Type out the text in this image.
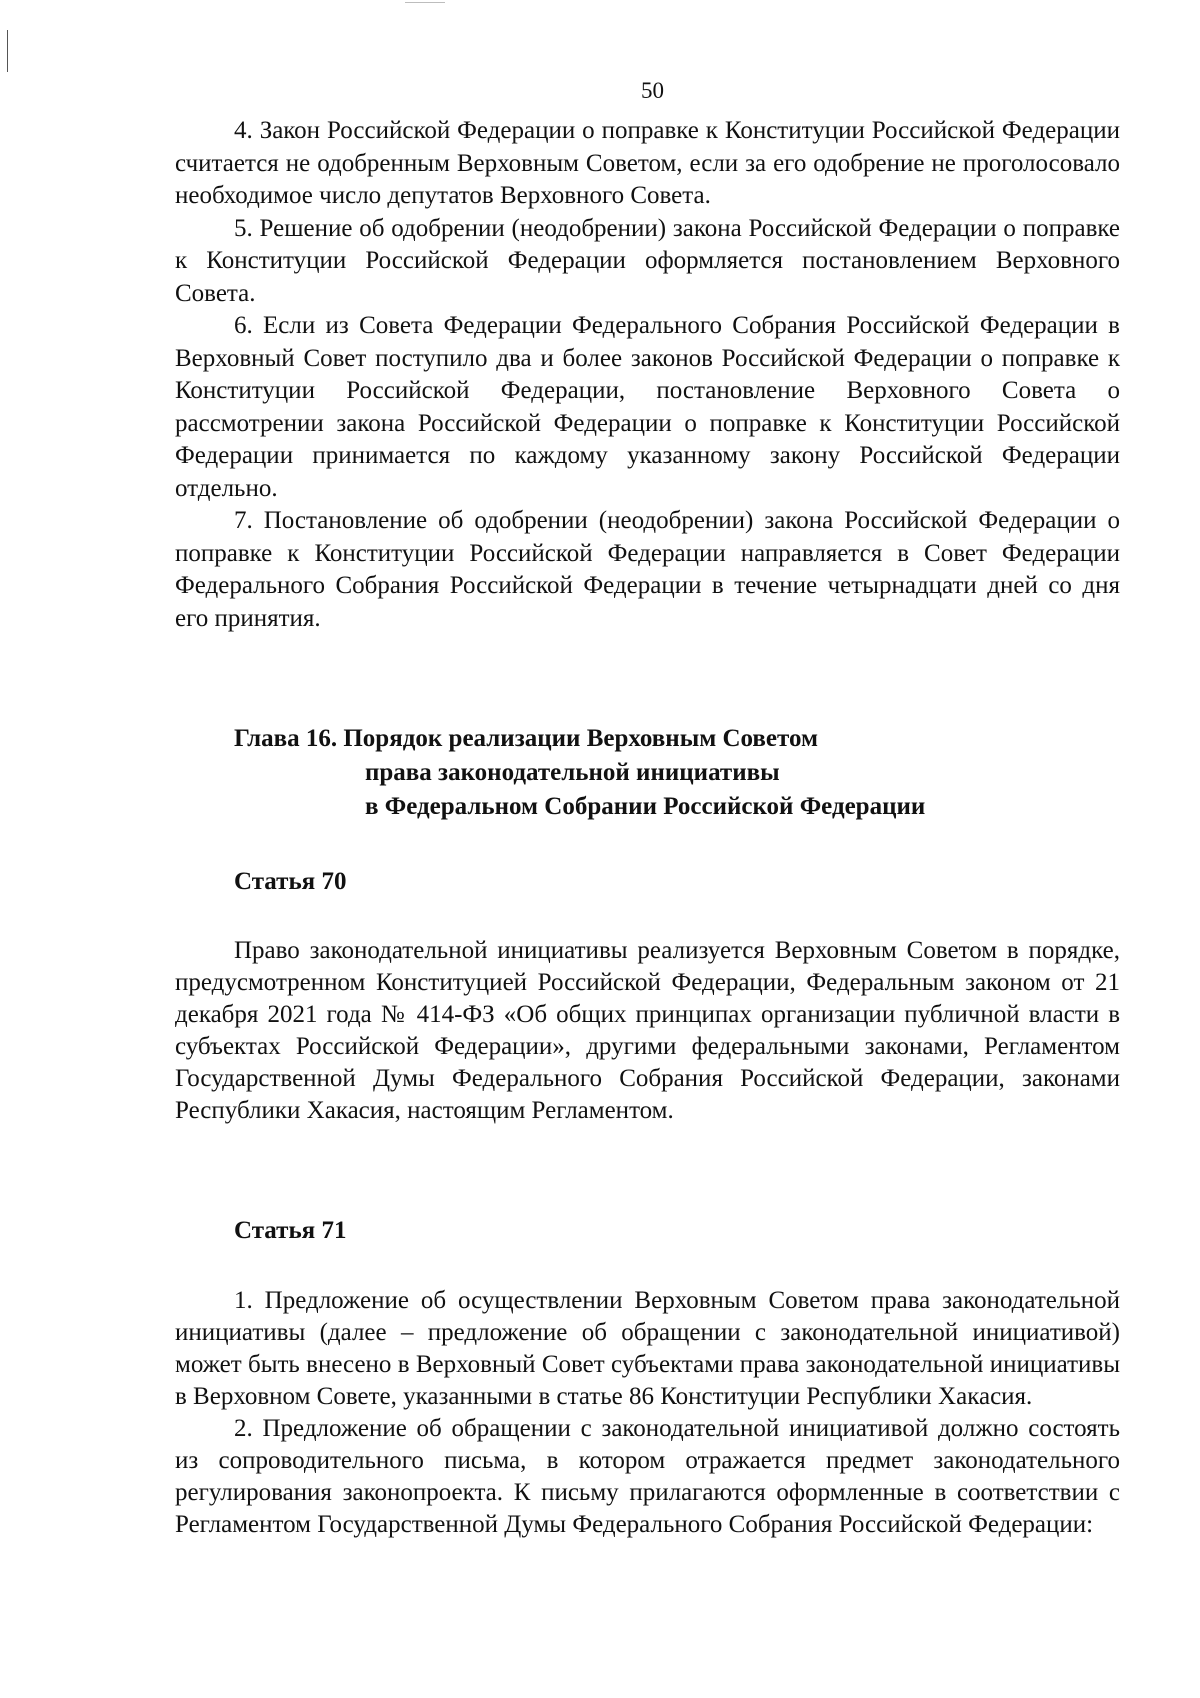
50

4. Закон Российской Федерации о поправке к Конституции Российской Федерации считается не одобренным Верховным Советом, если за его одобрение не проголосовало необходимое число депутатов Верховного Совета.

5. Решение об одобрении (неодобрении) закона Российской Федерации о поправке к Конституции Российской Федерации оформляется постановлением Верховного Совета.

6. Если из Совета Федерации Федерального Собрания Российской Федерации в Верховный Совет поступило два и более законов Российской Федерации о поправке к Конституции Российской Федерации, постановление Верховного Совета о рассмотрении закона Российской Федерации о поправке к Конституции Российской Федерации принимается по каждому указанному закону Российской Федерации отдельно.

7. Постановление об одобрении (неодобрении) закона Российской Федерации о поправке к Конституции Российской Федерации направляется в Совет Федерации Федерального Собрания Российской Федерации в течение четырнадцати дней со дня его принятия.

Глава 16. Порядок реализации Верховным Советом
права законодательной инициативы
в Федеральном Собрании Российской Федерации
Статья 70

Право законодательной инициативы реализуется Верховным Советом в порядке, предусмотренном Конституцией Российской Федерации, Федеральным законом от 21 декабря 2021 года № 414-ФЗ «Об общих принципах организации публичной власти в субъектах Российской Федерации», другими федеральными законами, Регламентом Государственной Думы Федерального Собрания Российской Федерации, законами Республики Хакасия, настоящим Регламентом.

Статья 71

1. Предложение об осуществлении Верховным Советом права законодательной инициативы (далее – предложение об обращении с законодательной инициативой) может быть внесено в Верховный Совет субъектами права законодательной инициативы в Верховном Совете, указанными в статье 86 Конституции Республики Хакасия.

2. Предложение об обращении с законодательной инициативой должно состоять из сопроводительного письма, в котором отражается предмет законодательного регулирования законопроекта. К письму прилагаются оформленные в соответствии с Регламентом Государственной Думы Федерального Собрания Российской Федерации:
